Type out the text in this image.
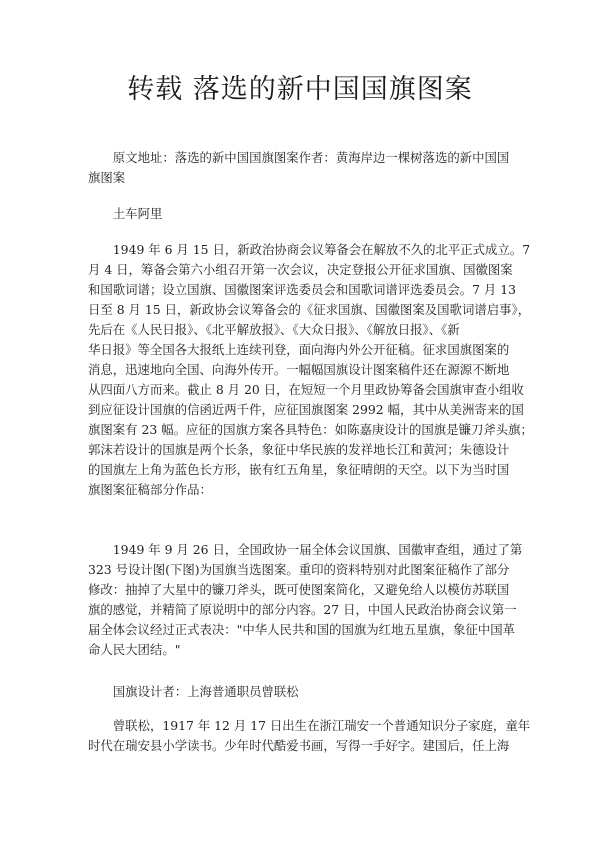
转载 落选的新中国国旗图案
原文地址：落选的新中国国旗图案作者：黄海岸边一棵树落选的新中国国
旗图案
土车阿里
1949 年 6 月 15 日，新政治协商会议筹备会在解放不久的北平正式成立。7
月 4 日，筹备会第六小组召开第一次会议，决定登报公开征求国旗、国徽图案
和国歌词谱；设立国旗、国徽图案评选委员会和国歌词谱评选委员会。7 月 13
日至 8 月 15 日，新政协会议筹备会的《征求国旗、国徽图案及国歌词谱启事》，
先后在《人民日报》、《北平解放报》、《大众日报》、《解放日报》、《新
华日报》等全国各大报纸上连续刊登，面向海内外公开征稿。征求国旗图案的
消息，迅速地向全国、向海外传开。一幅幅国旗设计图案稿件还在源源不断地
从四面八方而来。截止 8 月 20 日，在短短一个月里政协筹备会国旗审查小组收
到应征设计国旗的信函近两千件，应征国旗图案 2992 幅，其中从美洲寄来的国
旗图案有 23 幅。应征的国旗方案各具特色：如陈嘉庚设计的国旗是镰刀斧头旗；
郭沫若设计的国旗是两个长条，象征中华民族的发祥地长江和黄河；朱德设计
的国旗左上角为蓝色长方形，嵌有红五角星，象征晴朗的天空。以下为当时国
旗图案征稿部分作品：
1949 年 9 月 26 日，全国政协一届全体会议国旗、国徽审查组，通过了第
323 号设计图(下图)为国旗当选图案。重印的资料特别对此图案征稿作了部分
修改：抽掉了大星中的镰刀斧头，既可使图案简化，又避免给人以模仿苏联国
旗的感觉，并精简了原说明中的部分内容。27 日，中国人民政治协商会议第一
届全体会议经过正式表决："中华人民共和国的国旗为红地五星旗，象征中国革
命人民大团结。"
国旗设计者：上海普通职员曾联松
曾联松，1917 年 12 月 17 日出生在浙江瑞安一个普通知识分子家庭，童年
时代在瑞安县小学读书。少年时代酷爱书画，写得一手好字。建国后，任上海
